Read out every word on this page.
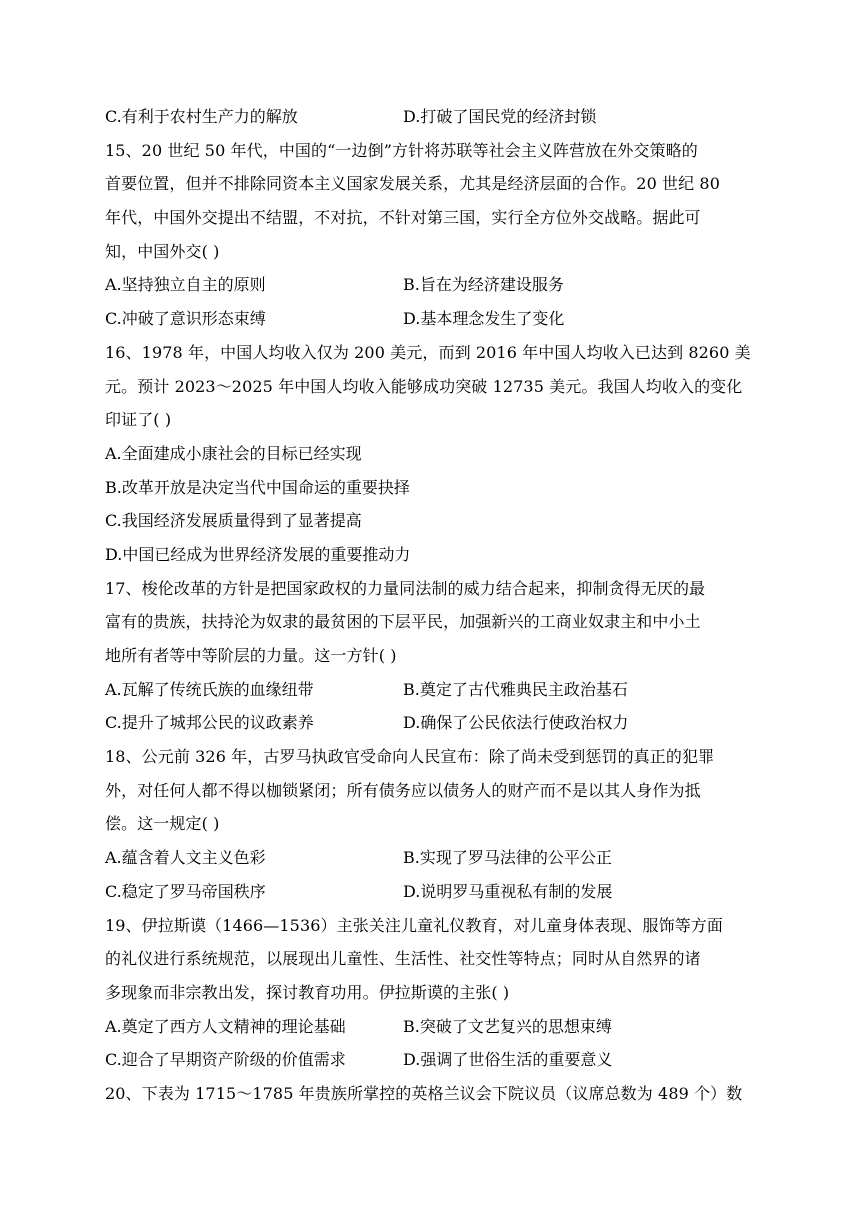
C.有利于农村生产力的解放	D.打破了国民党的经济封锁
15、20 世纪 50 年代，中国的“一边倒”方针将苏联等社会主义阵营放在外交策略的
首要位置，但并不排除同资本主义国家发展关系，尤其是经济层面的合作。20 世纪 80
年代，中国外交提出不结盟，不对抗，不针对第三国，实行全方位外交战略。据此可
知，中国外交( )
A.坚持独立自主的原则	B.旨在为经济建设服务
C.冲破了意识形态束缚	D.基本理念发生了变化
16、1978 年，中国人均收入仅为 200 美元，而到 2016 年中国人均收入已达到 8260 美
元。预计 2023～2025 年中国人均收入能够成功突破 12735 美元。我国人均收入的变化
印证了( )
A.全面建成小康社会的目标已经实现
B.改革开放是决定当代中国命运的重要抉择
C.我国经济发展质量得到了显著提高
D.中国已经成为世界经济发展的重要推动力
17、梭伦改革的方针是把国家政权的力量同法制的威力结合起来，抑制贪得无厌的最
富有的贵族，扶持沦为奴隶的最贫困的下层平民，加强新兴的工商业奴隶主和中小土
地所有者等中等阶层的力量。这一方针( )
A.瓦解了传统氏族的血缘纽带	B.奠定了古代雅典民主政治基石
C.提升了城邦公民的议政素养	D.确保了公民依法行使政治权力
18、公元前 326 年，古罗马执政官受命向人民宣布：除了尚未受到惩罚的真正的犯罪
外，对任何人都不得以枷锁紧闭；所有债务应以债务人的财产而不是以其人身作为抵
偿。这一规定( )
A.蕴含着人文主义色彩	B.实现了罗马法律的公平公正
C.稳定了罗马帝国秩序	D.说明罗马重视私有制的发展
19、伊拉斯谟（1466—1536）主张关注儿童礼仪教育，对儿童身体表现、服饰等方面
的礼仪进行系统规范，以展现出儿童性、生活性、社交性等特点；同时从自然界的诸
多现象而非宗教出发，探讨教育功用。伊拉斯谟的主张( )
A.奠定了西方人文精神的理论基础	B.突破了文艺复兴的思想束缚
C.迎合了早期资产阶级的价值需求	D.强调了世俗生活的重要意义
20、下表为 1715～1785 年贵族所掌控的英格兰议会下院议员（议席总数为 489 个）数
